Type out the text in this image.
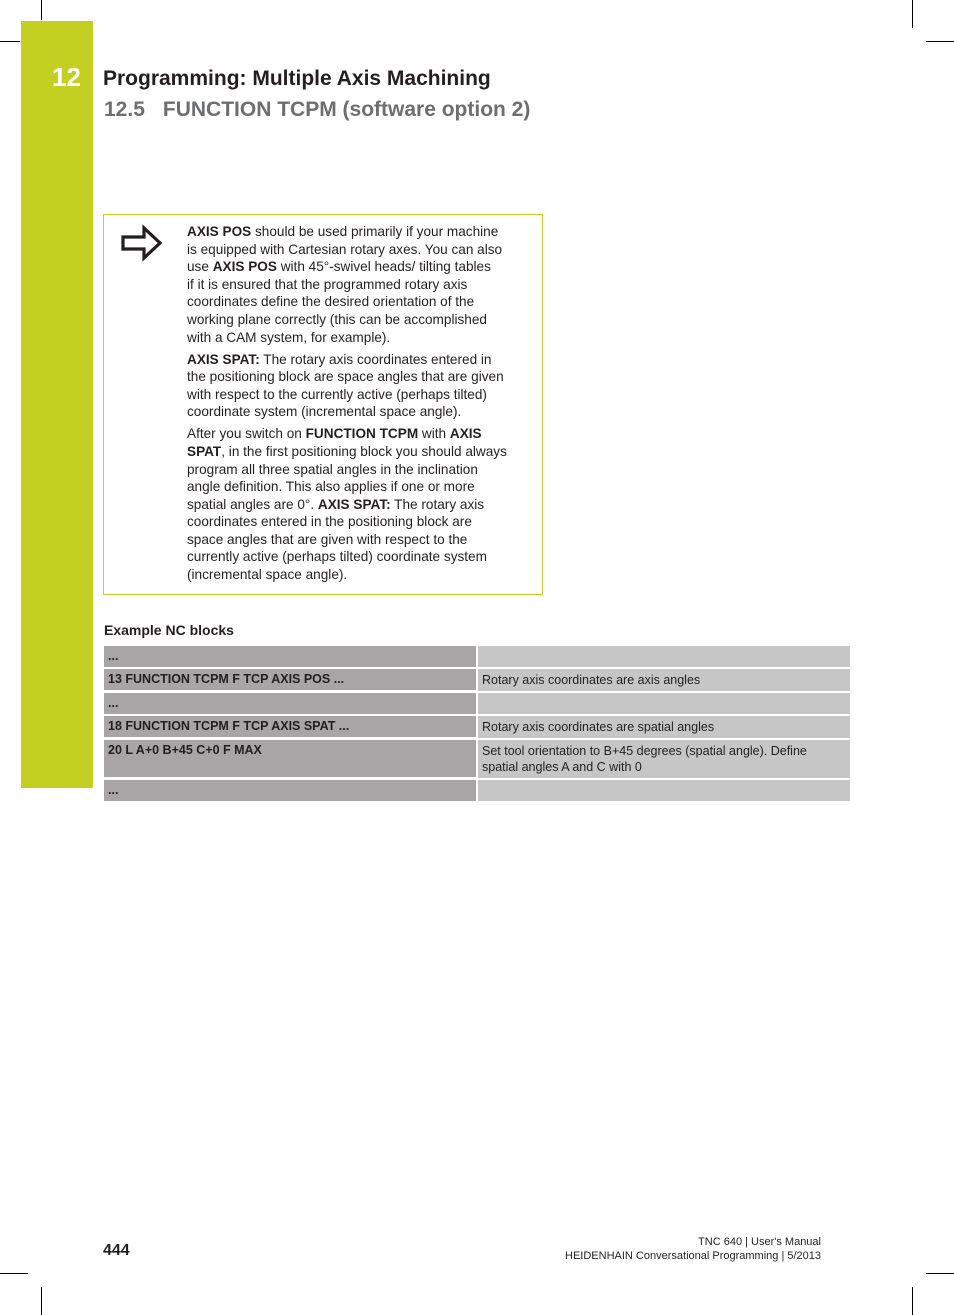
12 Programming: Multiple Axis Machining
12.5 FUNCTION TCPM (software option 2)
AXIS POS should be used primarily if your machine
is equipped with Cartesian rotary axes. You can also
use AXIS POS with 45°-swivel heads/ tilting tables
if it is ensured that the programmed rotary axis
coordinates define the desired orientation of the
working plane correctly (this can be accomplished
with a CAM system, for example).
AXIS SPAT: The rotary axis coordinates entered in
the positioning block are space angles that are given
with respect to the currently active (perhaps tilted)
coordinate system (incremental space angle).
After you switch on FUNCTION TCPM with AXIS
SPAT, in the first positioning block you should always
program all three spatial angles in the inclination
angle definition. This also applies if one or more
spatial angles are 0°. AXIS SPAT: The rotary axis
coordinates entered in the positioning block are
space angles that are given with respect to the
currently active (perhaps tilted) coordinate system
(incremental space angle).
Example NC blocks
...
13 FUNCTION TCPM F TCP AXIS POS ...	Rotary axis coordinates are axis angles
...
18 FUNCTION TCPM F TCP AXIS SPAT ...	Rotary axis coordinates are spatial angles
20 L A+0 B+45 C+0 F MAX	Set tool orientation to B+45 degrees (spatial angle). Define spatial angles A and C with 0
...
444	TNC 640 | User's Manual
HEIDENHAIN Conversational Programming | 5/2013
